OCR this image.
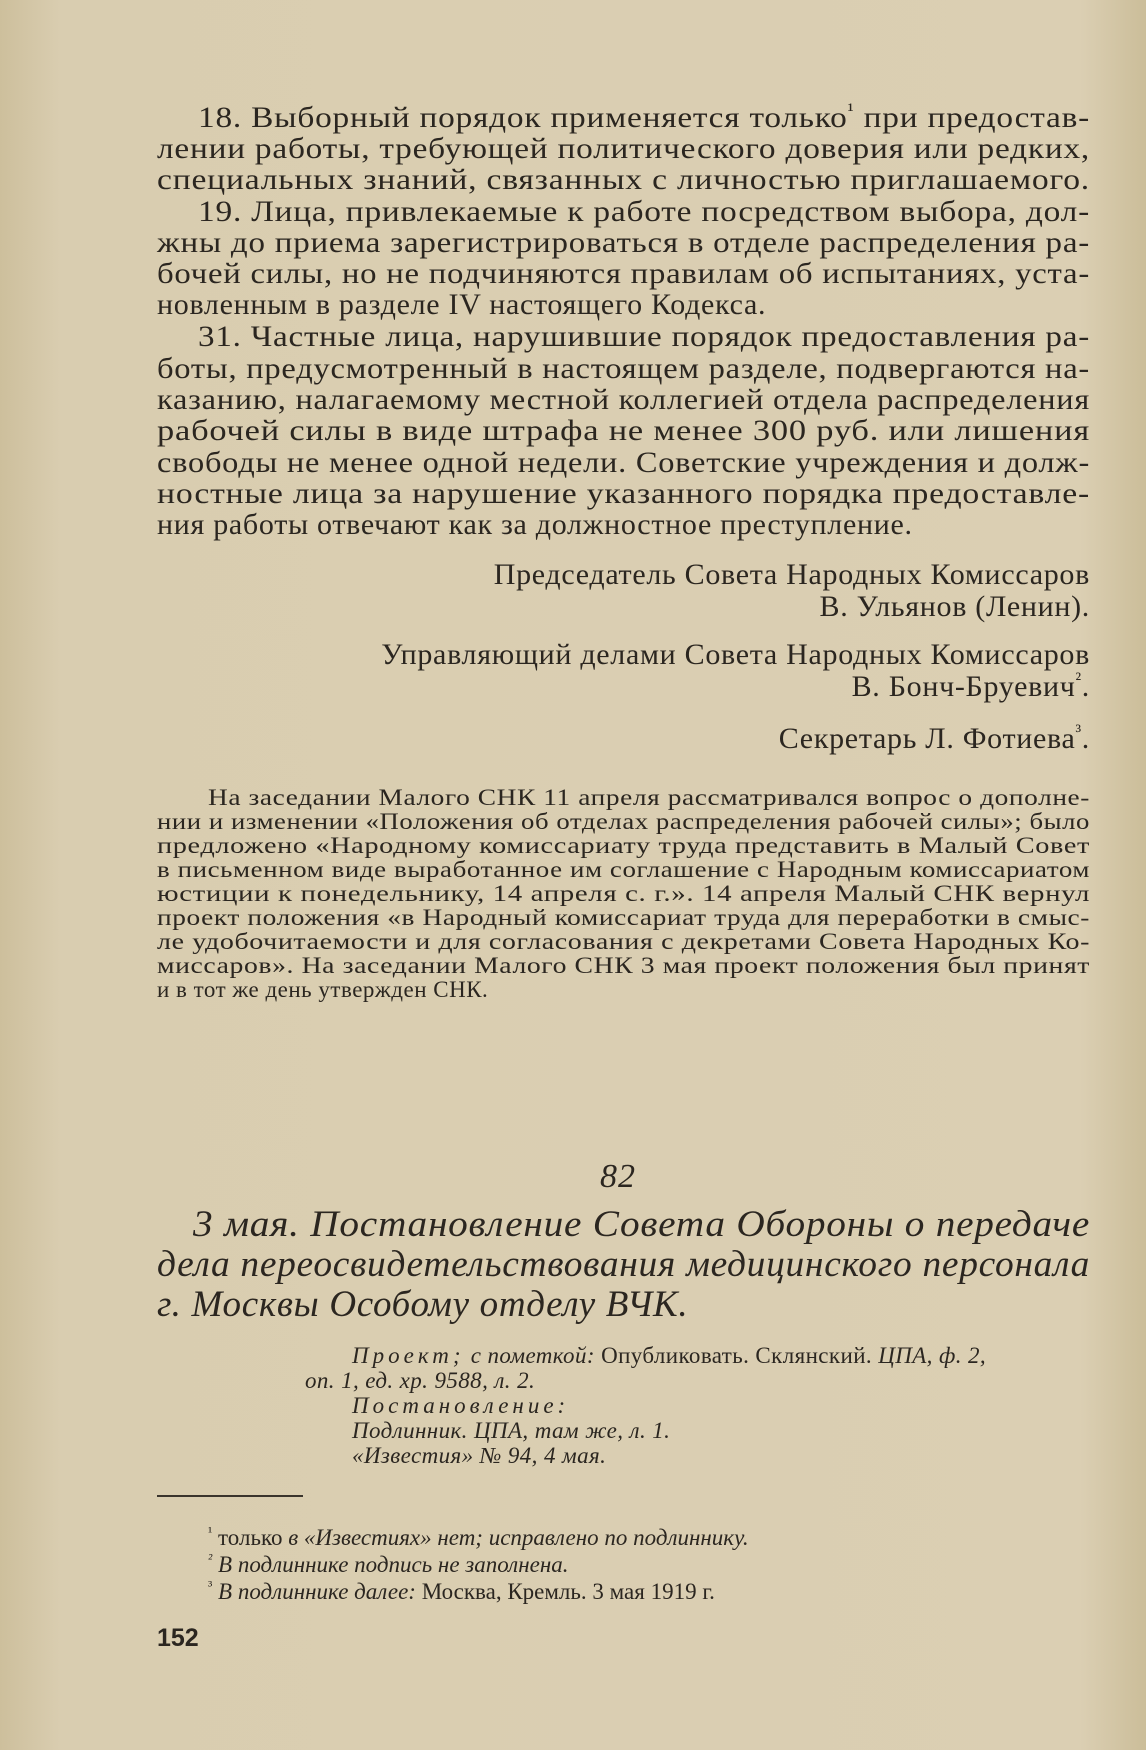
18. Выборный порядок применяется только$^{^1}$ при предостав-
лении работы, требующей политического доверия или редких,
специальных знаний, связанных с личностью приглашаемого.
19. Лица, привлекаемые к работе посредством выбора, дол-
жны до приема зарегистрироваться в отделе распределения ра-
бочей силы, но не подчиняются правилам об испытаниях, уста-
новленным в разделе IV настоящего Кодекса.
31. Частные лица, нарушившие порядок предоставления ра-
боты, предусмотренный в настоящем разделе, подвергаются на-
казанию, налагаемому местной коллегией отдела распределения
рабочей силы в виде штрафа не менее 300 руб. или лишения
свободы не менее одной недели. Советские учреждения и долж-
ностные лица за нарушение указанного порядка предоставле-
ния работы отвечают как за должностное преступление.
Председатель Совета Народных Комиссаров
В. Ульянов (Ленин).
Управляющий делами Совета Народных Комиссаров
В. Бонч-Бруевич$^{^2}$.
Секретарь Л. Фотиева$^{^3}$.
На заседании Малого СНК 11 апреля рассматривался вопрос о дополне-
нии и изменении «Положения об отделах распределения рабочей силы»; было
предложено «Народному комиссариату труда представить в Малый Совет
в письменном виде выработанное им соглашение с Народным комиссариатом
юстиции к понедельнику, 14 апреля с. г.». 14 апреля Малый СНК вернул
проект положения «в Народный комиссариат труда для переработки в смыс-
ле удобочитаемости и для согласования с декретами Совета Народных Ко-
миссаров». На заседании Малого СНК 3 мая проект положения был принят
и в тот же день утвержден СНК.
82
3 мая. Постановление Совета Обороны о передаче
дела переосвидетельствования медицинского персонала
г. Москвы Особому отделу ВЧК.
Проект; с пометкой: Опубликовать. Склянский. ЦПА, ф. 2,
оп. 1, ед. хр. 9588, л. 2.
Постановление:
Подлинник. ЦПА, там же, л. 1.
«Известия» № 94, 4 мая.
$^{^1}$ только в «Известиях» нет; исправлено по подлиннику.
$^{^2}$ В подлиннике подпись не заполнена.
$^{^3}$ В подлиннике далее: Москва, Кремль. 3 мая 1919 г.
152
